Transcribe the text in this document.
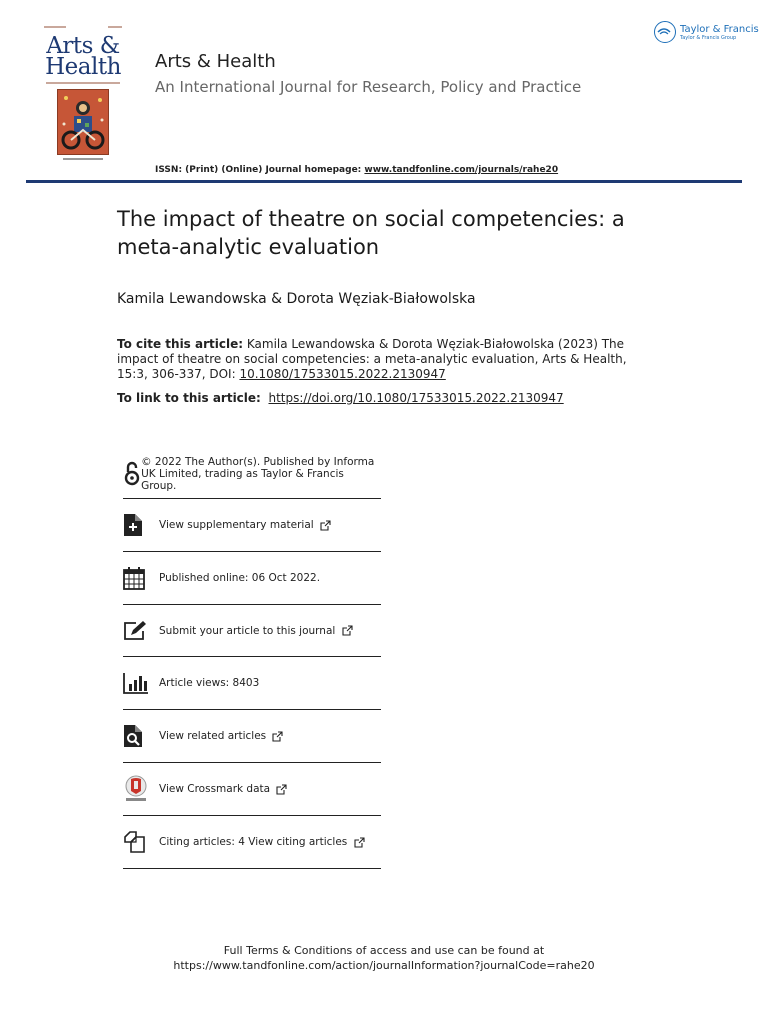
Arts &
Health Arts & Health
An International Journal for Research, Policy and Practice
Taylor & Francis
Taylor & Francis Group
ISSN: (Print) (Online) Journal homepage: www.tandfonline.com/journals/rahe20
The impact of theatre on social competencies: a meta-analytic evaluation
Kamila Lewandowska & Dorota Węziak-Białowolska
To cite this article: Kamila Lewandowska & Dorota Węziak-Białowolska (2023) The impact of theatre on social competencies: a meta-analytic evaluation, Arts & Health, 15:3, 306-337, DOI: 10.1080/17533015.2022.2130947
To link to this article: https://doi.org/10.1080/17533015.2022.2130947
© 2022 The Author(s). Published by Informa UK Limited, trading as Taylor & Francis Group.
View supplementary material
Published online: 06 Oct 2022.
Submit your article to this journal
Article views: 8403
View related articles
View Crossmark data
Citing articles: 4 View citing articles
Full Terms & Conditions of access and use can be found at
https://www.tandfonline.com/action/journalInformation?journalCode=rahe20
